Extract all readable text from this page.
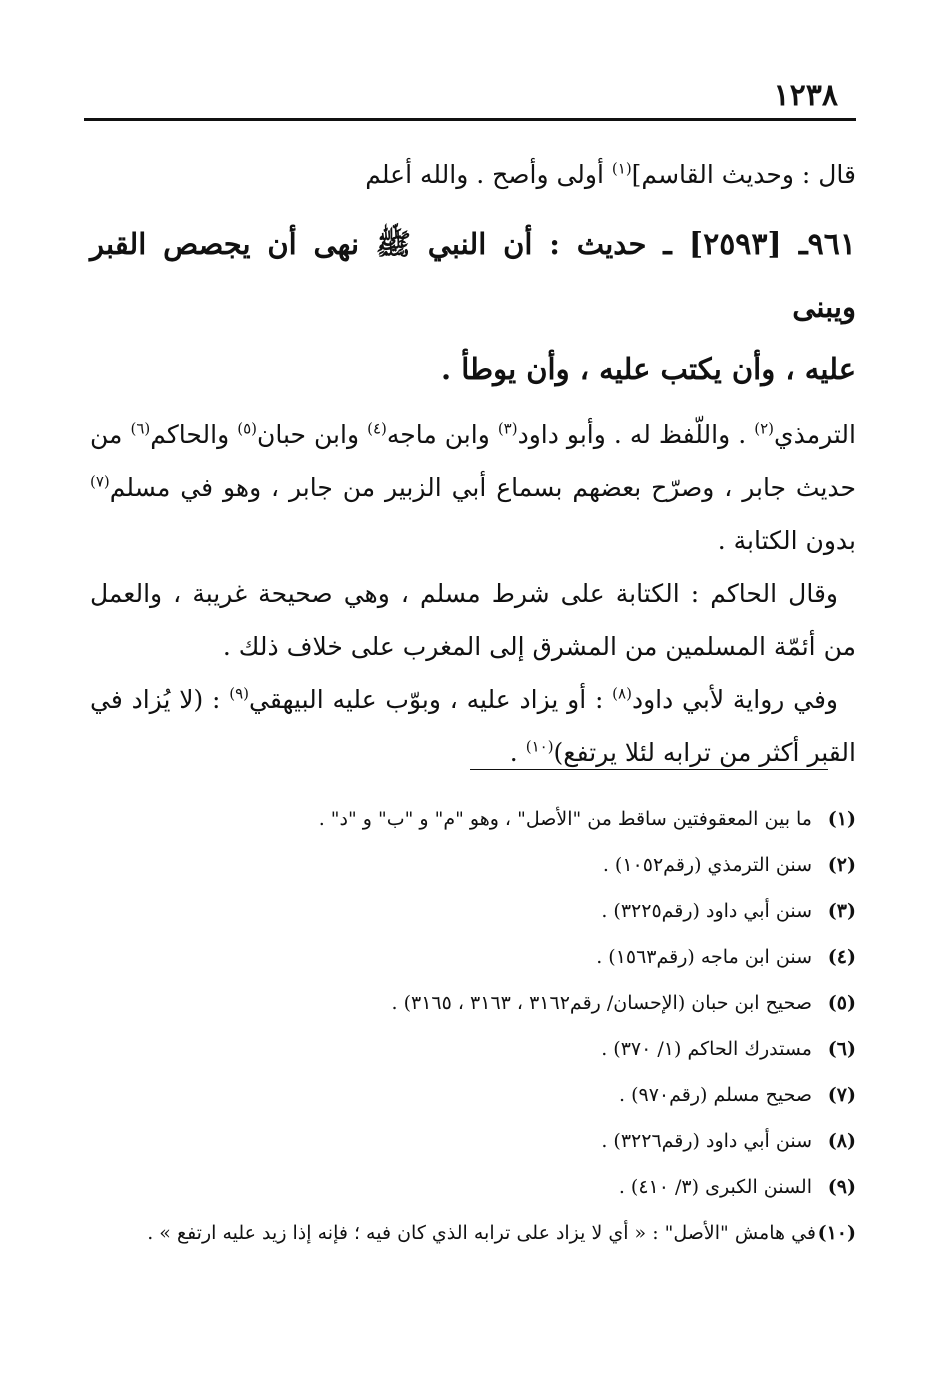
١٢٣٨

قال : وحديث القاسم]$^{(١)}$ أولى وأصح . والله أعلم

٩٦١ـ [٢٥٩٣] ـ حديث : أن النبي ﷺ نهى أن يجصص القبر ويبنى
عليه ، وأن يكتب عليه ، وأن يوطأ .

الترمذي$^{(٢)}$ . واللّفظ له . وأبو داود$^{(٣)}$ وابن ماجه$^{(٤)}$ وابن حبان$^{(٥)}$ والحاكم$^{(٦)}$ من حديث جابر ، وصرّح بعضهم بسماع أبي الزبير من جابر ، وهو في مسلم$^{(٧)}$ بدون الكتابة .

وقال الحاكم : الكتابة على شرط مسلم ، وهي صحيحة غريبة ، والعمل من أئمّة المسلمين من المشرق إلى المغرب على خلاف ذلك .

وفي رواية لأبي داود$^{(٨)}$ : أو يزاد عليه ، وبوّب عليه البيهقي$^{(٩)}$ : (لا يُزاد في القبر أكثر من ترابه لئلا يرتفع)$^{(١٠)}$ .

(١)
ما بين المعقوفتين ساقط من "الأصل" ، وهو "م" و "ب" و "د" .
(٢)
سنن الترمذي (رقم١٠٥٢) .
(٣)
سنن أبي داود (رقم٣٢٢٥) .
(٤)
سنن ابن ماجه (رقم١٥٦٣) .
(٥)
صحيح ابن حبان (الإحسان/ رقم٣١٦٢ ، ٣١٦٣ ، ٣١٦٥) .
(٦)
مستدرك الحاكم (١/ ٣٧٠) .
(٧)
صحيح مسلم (رقم٩٧٠) .
(٨)
سنن أبي داود (رقم٣٢٢٦) .
(٩)
السنن الكبرى (٣/ ٤١٠) .
(١٠)
في هامش "الأصل" : « أي لا يزاد على ترابه الذي كان فيه ؛ فإنه إذا زيد عليه ارتفع » .
